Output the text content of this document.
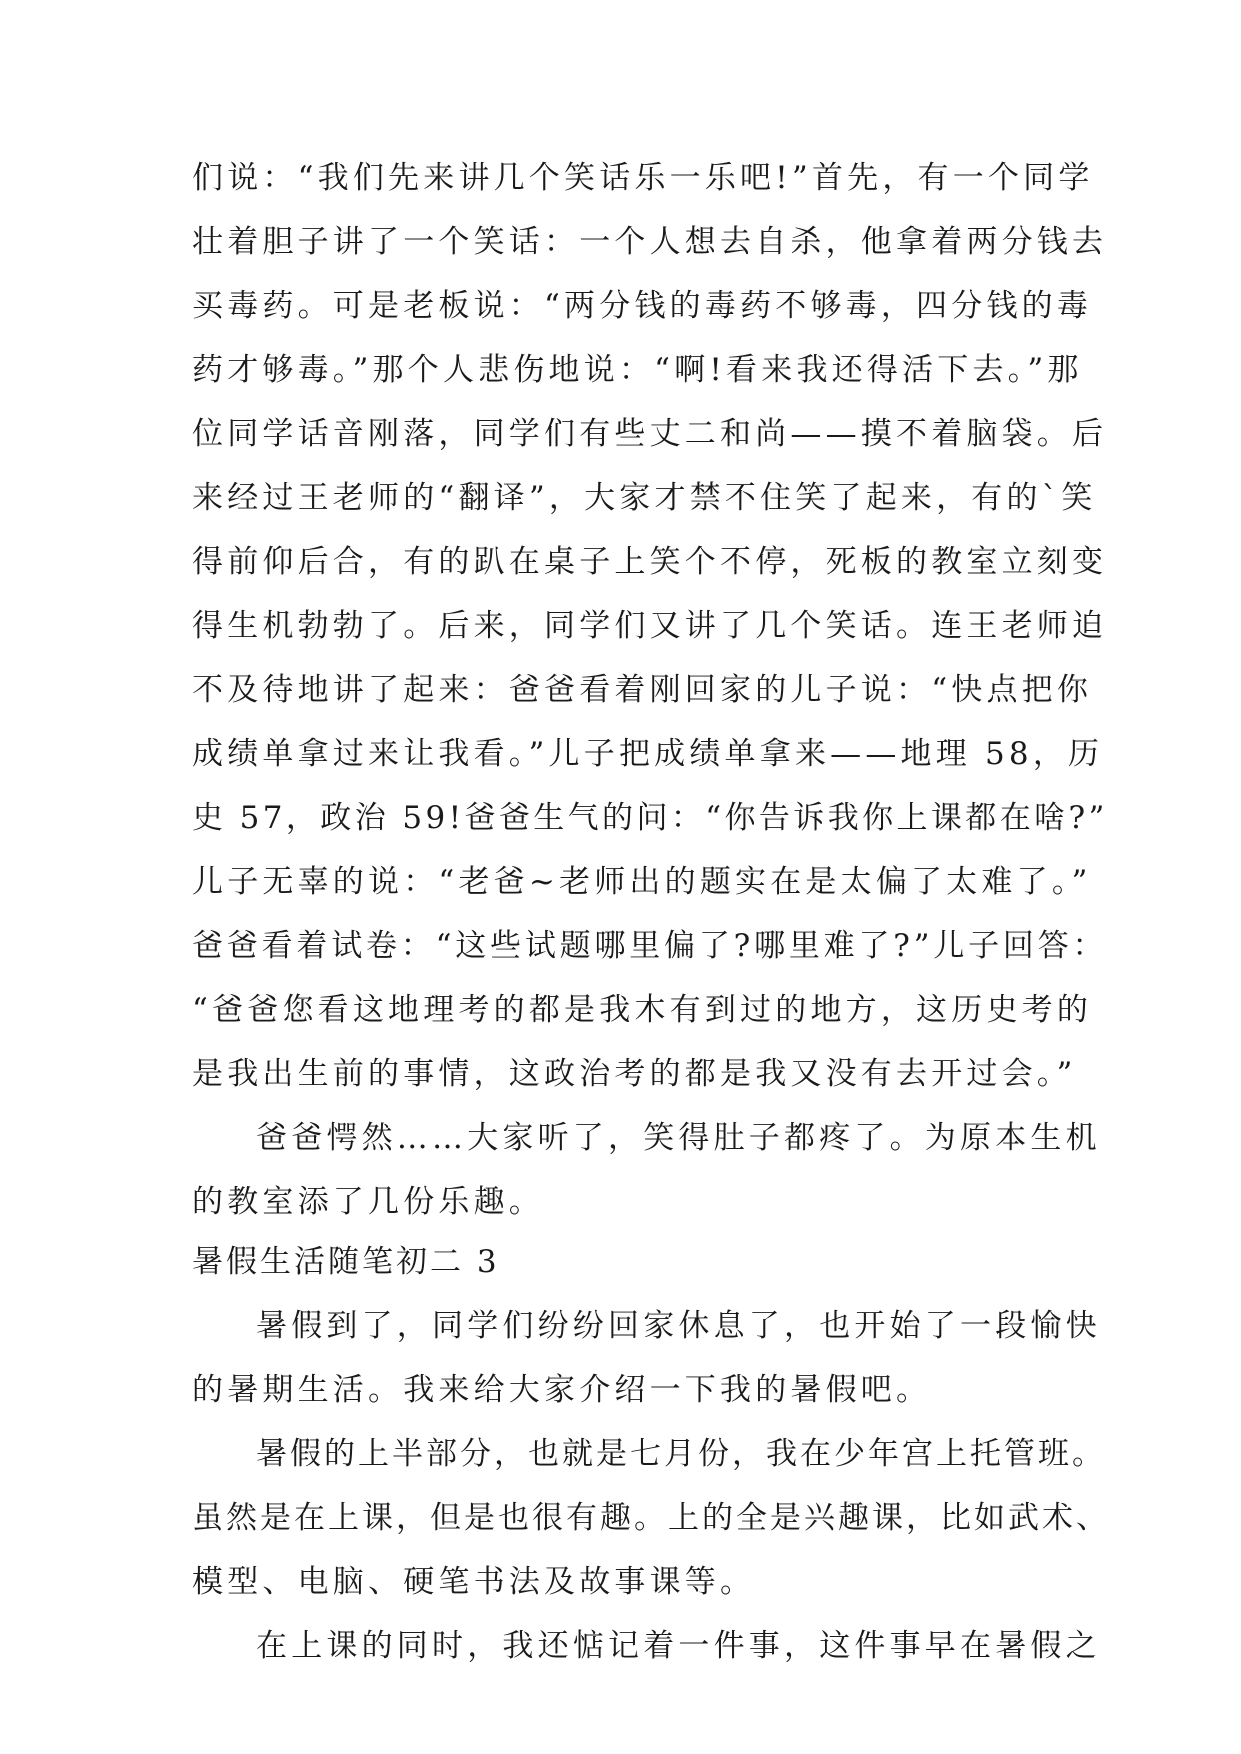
们说：“我们先来讲几个笑话乐一乐吧!”首先，有一个同学
壮着胆子讲了一个笑话：一个人想去自杀，他拿着两分钱去
买毒药。可是老板说：“两分钱的毒药不够毒，四分钱的毒
药才够毒。”那个人悲伤地说：“啊!看来我还得活下去。”那
位同学话音刚落，同学们有些丈二和尚——摸不着脑袋。后
来经过王老师的“翻译”，大家才禁不住笑了起来，有的`笑
得前仰后合，有的趴在桌子上笑个不停，死板的教室立刻变
得生机勃勃了。后来，同学们又讲了几个笑话。连王老师迫
不及待地讲了起来：爸爸看着刚回家的儿子说：“快点把你
成绩单拿过来让我看。”儿子把成绩单拿来——地理 58，历
史 57，政治 59!爸爸生气的问：“你告诉我你上课都在啥?”
儿子无辜的说：“老爸~老师出的题实在是太偏了太难了。”
爸爸看着试卷：“这些试题哪里偏了?哪里难了?”儿子回答：
“爸爸您看这地理考的都是我木有到过的地方，这历史考的
是我出生前的事情，这政治考的都是我又没有去开过会。”
爸爸愕然……大家听了，笑得肚子都疼了。为原本生机
的教室添了几份乐趣。
暑假生活随笔初二 3
暑假到了，同学们纷纷回家休息了，也开始了一段愉快
的暑期生活。我来给大家介绍一下我的暑假吧。
暑假的上半部分，也就是七月份，我在少年宫上托管班。
虽然是在上课，但是也很有趣。上的全是兴趣课，比如武术、
模型、电脑、硬笔书法及故事课等。
在上课的同时，我还惦记着一件事，这件事早在暑假之
